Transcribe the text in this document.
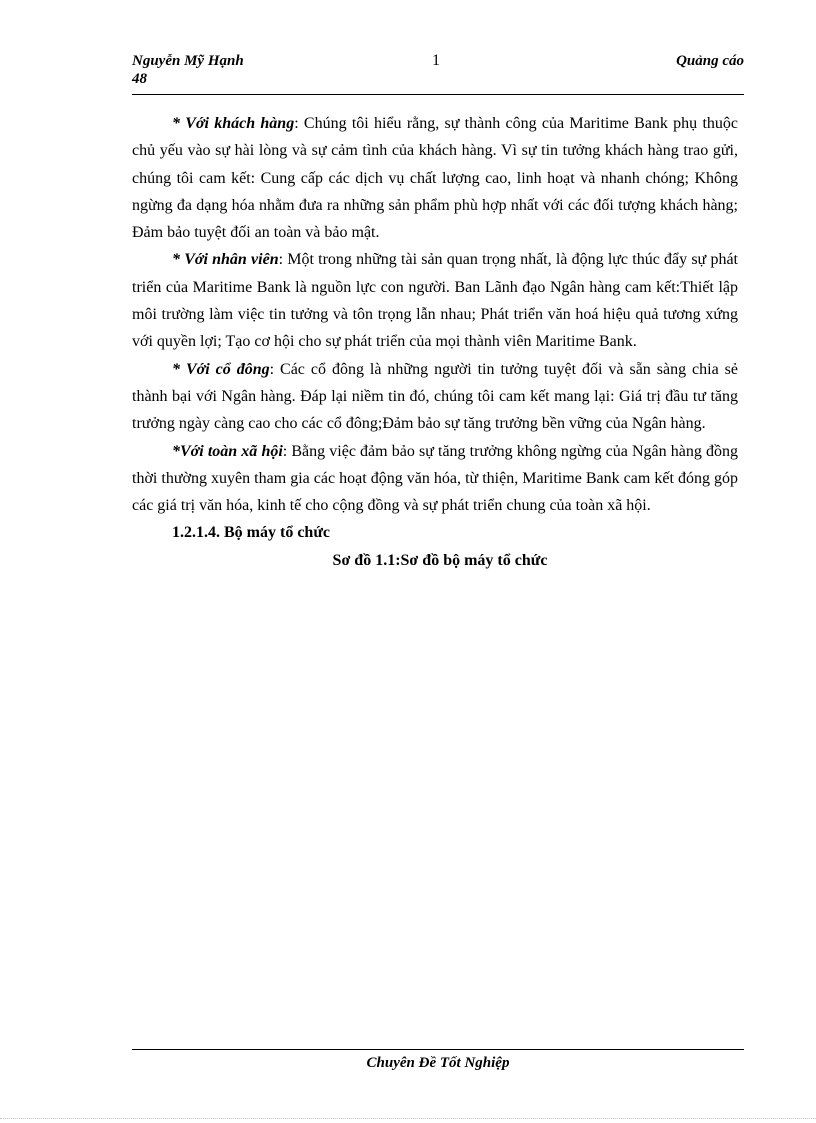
Nguyễn Mỹ Hạnh
48
1	Quảng cáo

* Với khách hàng: Chúng tôi hiểu rằng, sự thành công của Maritime Bank phụ thuộc chủ yếu vào sự hài lòng và sự cảm tình của khách hàng. Vì sự tin tưởng khách hàng trao gửi, chúng tôi cam kết: Cung cấp các dịch vụ chất lượng cao, linh hoạt và nhanh chóng; Không ngừng đa dạng hóa nhằm đưa ra những sản phẩm phù hợp nhất với các đối tượng khách hàng; Đảm bảo tuyệt đối an toàn và bảo mật.

* Với nhân viên: Một trong những tài sản quan trọng nhất, là động lực thúc đẩy sự phát triển của Maritime Bank là nguồn lực con người. Ban Lãnh đạo Ngân hàng cam kết:Thiết lập môi trường làm việc tin tưởng và tôn trọng lẫn nhau; Phát triển văn hoá hiệu quả tương xứng với quyền lợi; Tạo cơ hội cho sự phát triển của mọi thành viên Maritime Bank.

* Với cổ đông: Các cổ đông là những người tin tưởng tuyệt đối và sẵn sàng chia sẻ thành bại với Ngân hàng. Đáp lại niềm tin đó, chúng tôi cam kết mang lại: Giá trị đầu tư tăng trưởng ngày càng cao cho các cổ đông;Đảm bảo sự tăng trưởng bền vững của Ngân hàng.

*Với toàn xã hội: Bằng việc đảm bảo sự tăng trưởng không ngừng của Ngân hàng đồng thời thường xuyên tham gia các hoạt động văn hóa, từ thiện, Maritime Bank cam kết đóng góp các giá trị văn hóa, kinh tế cho cộng đồng và sự phát triển chung của toàn xã hội.

1.2.1.4. Bộ máy tổ chức
Sơ đồ 1.1:Sơ đồ bộ máy tổ chức
Chuyên Đề Tốt Nghiệp
